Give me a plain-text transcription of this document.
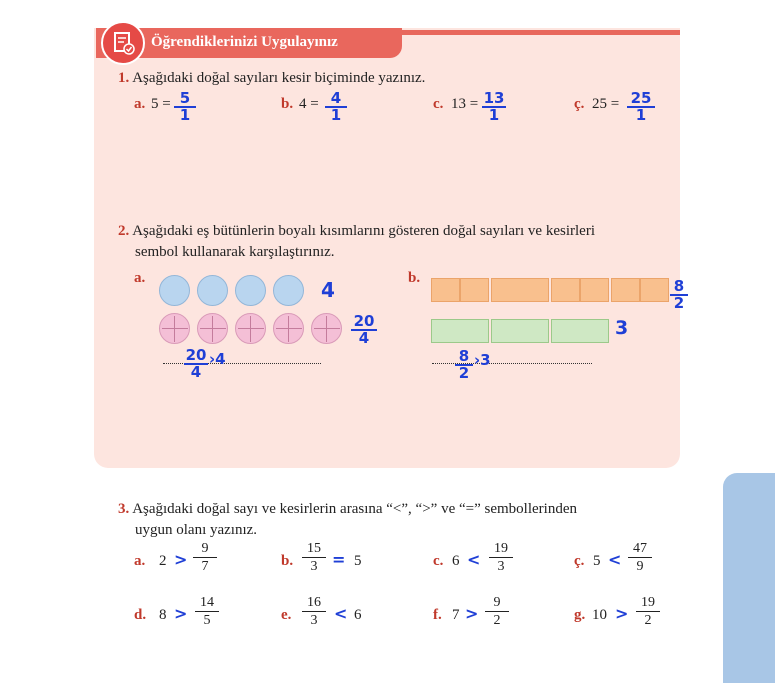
Öğrendiklerinizi Uygulayınız
1. Aşağıdaki doğal sayıları kesir biçiminde yazınız.
a. 5 = 5
1
b. 4 = 4
1
c. 13 = 13
1
ç. 25 = 25
1
2. Aşağıdaki eş bütünlerin boyalı kısımlarını gösteren doğal sayıları ve kesirleri
sembol kullanarak karşılaştırınız.
a.	4
20
4
20
4
›4
b.	8
2
3
8
2
›3
3. Aşağıdaki doğal sayı ve kesirlerin arasına “<”, “>” ve “=” sembollerinden
uygun olanı yazınız.
a. $2 > \frac{9}{7}$	b. $\frac{15}{3} = 5$	c. $6 < \frac{19}{3}$	ç. $5 < \frac{47}{9}$
d. $8 > \frac{14}{5}$	e. $\frac{16}{3} < 6$	f. $7 > \frac{9}{2}$	g. $10 > \frac{19}{2}$
